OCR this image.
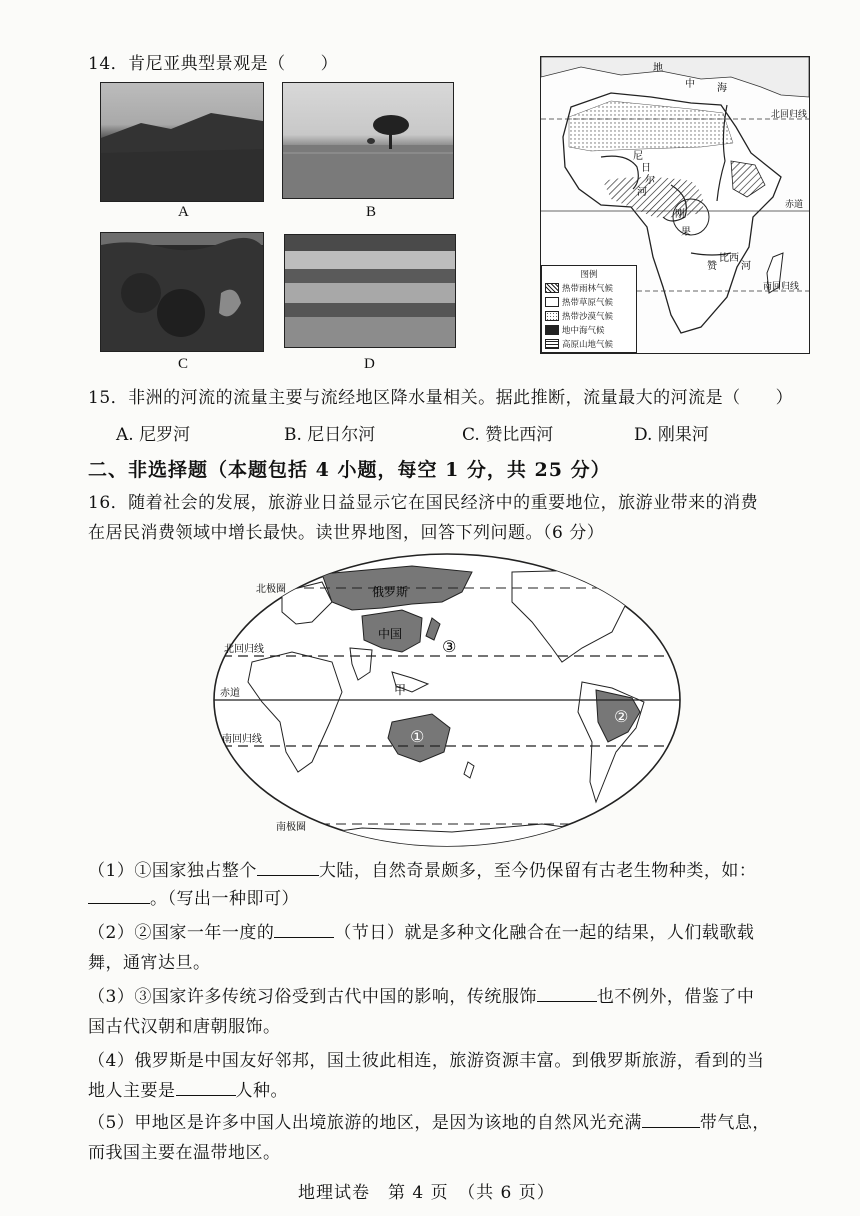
14．肯尼亚典型景观是（　　）
A	B
C	D
地
中 海
北回归线
尼
日
尔
河
刚
果
赤道
赞
比西
河
南回归线
图例
热带雨林气候
热带草原气候
热带沙漠气候
地中海气候
高原山地气候
15．非洲的河流的流量主要与流经地区降水量相关。据此推断，流量最大的河流是（　　）
A. 尼罗河	B. 尼日尔河	C. 赞比西河	D. 刚果河
二、非选择题（本题包括 4 小题，每空 1 分，共 25 分）
16．随着社会的发展，旅游业日益显示它在国民经济中的重要地位，旅游业带来的消费
在居民消费领域中增长最快。读世界地图，回答下列问题。（6 分）
北极圈	俄罗斯
中国
北回归线
赤道	甲
南回归线
南极圈
①
②
③
（1）①国家独占整个	大陆，自然奇景颇多，至今仍保留有古老生物种类，如：
。（写出一种即可）
（2）②国家一年一度的	（节日）就是多种文化融合在一起的结果，人们载歌载
舞，通宵达旦。
（3）③国家许多传统习俗受到古代中国的影响，传统服饰	也不例外，借鉴了中
国古代汉朝和唐朝服饰。
（4）俄罗斯是中国友好邻邦，国土彼此相连，旅游资源丰富。到俄罗斯旅游，看到的当
地人主要是	人种。
（5）甲地区是许多中国人出境旅游的地区，是因为该地的自然风光充满	带气息，
而我国主要在温带地区。
地理试卷　第 4 页　（共 6 页）
